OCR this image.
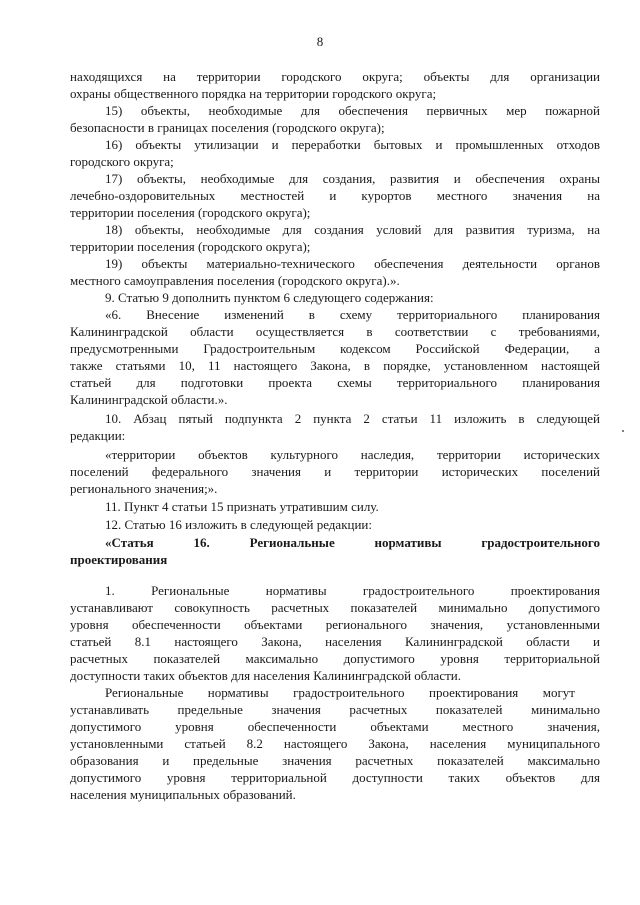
8
находящихся на территории городского округа; объекты для организации
охраны общественного порядка на территории городского округа;
15) объекты, необходимые для обеспечения первичных мер пожарной
безопасности в границах поселения (городского округа);
16) объекты утилизации и переработки бытовых и промышленных отходов
городского округа;
17) объекты, необходимые для создания, развития и обеспечения охраны
лечебно-оздоровительных местностей и курортов местного значения на
территории поселения (городского округа);
18) объекты, необходимые для создания условий для развития туризма, на
территории поселения (городского округа);
19) объекты материально-технического обеспечения деятельности органов
местного самоуправления поселения (городского округа).».
9. Статью 9 дополнить пунктом 6 следующего содержания:
«6. Внесение изменений в схему территориального планирования
Калининградской области осуществляется в соответствии с требованиями,
предусмотренными Градостроительным кодексом Российской Федерации, а
также статьями 10, 11 настоящего Закона, в порядке, установленном настоящей
статьей для подготовки проекта схемы территориального планирования
Калининградской области.».
10. Абзац пятый подпункта 2 пункта 2 статьи 11 изложить в следующей
редакции:
«территории объектов культурного наследия, территории исторических
поселений федерального значения и территории исторических поселений
регионального значения;».
11. Пункт 4 статьи 15 признать утратившим силу.
12. Статью 16 изложить в следующей редакции:
«Статья 16. Региональные нормативы градостроительного
проектирования
1. Региональные нормативы градостроительного проектирования
устанавливают совокупность расчетных показателей минимально допустимого
уровня обеспеченности объектами регионального значения, установленными
статьей 8.1 настоящего Закона, населения Калининградской области и
расчетных показателей максимально допустимого уровня территориальной
доступности таких объектов для населения Калининградской области.
Региональные нормативы градостроительного проектирования могут
устанавливать предельные значения расчетных показателей минимально
допустимого уровня обеспеченности объектами местного значения,
установленными статьей 8.2 настоящего Закона, населения муниципального
образования и предельные значения расчетных показателей максимально
допустимого уровня территориальной доступности таких объектов для
населения муниципальных образований.
